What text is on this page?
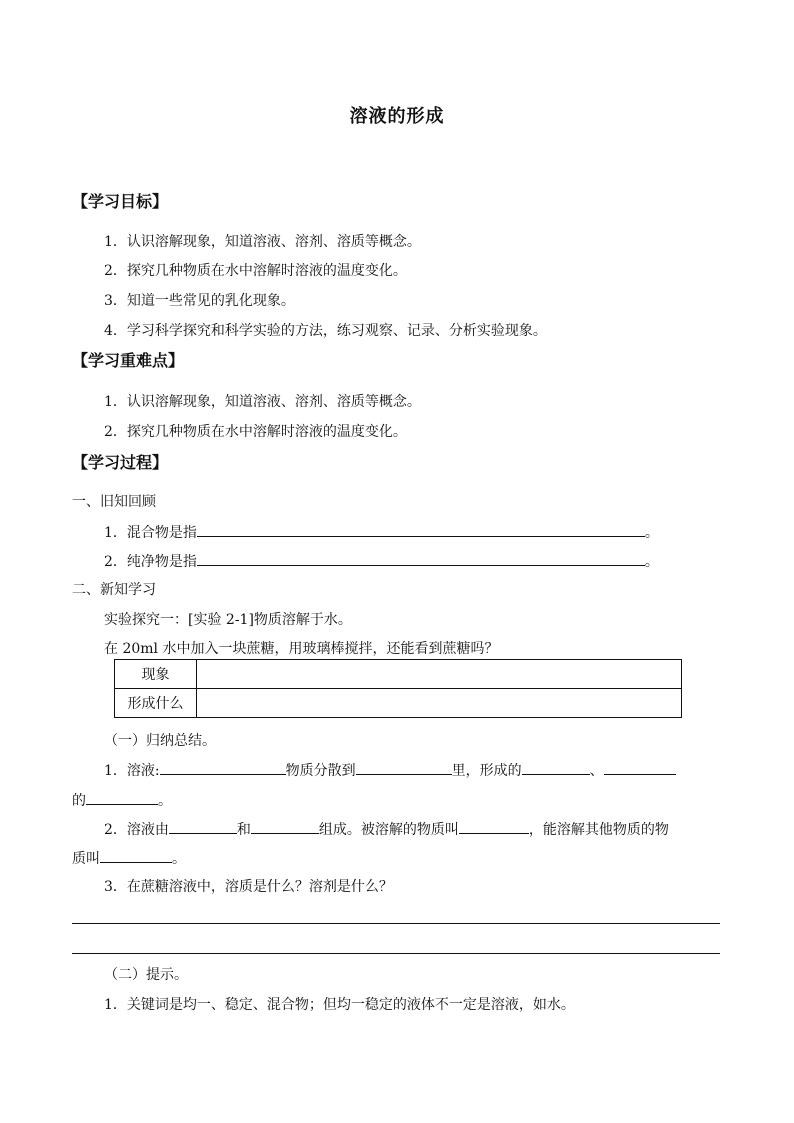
溶液的形成
【学习目标】
1．认识溶解现象，知道溶液、溶剂、溶质等概念。
2．探究几种物质在水中溶解时溶液的温度变化。
3．知道一些常见的乳化现象。
4．学习科学探究和科学实验的方法，练习观察、记录、分析实验现象。
【学习重难点】
1．认识溶解现象，知道溶液、溶剂、溶质等概念。
2．探究几种物质在水中溶解时溶液的温度变化。
【学习过程】
一、旧知回顾
1．混合物是指	。
2．纯净物是指	。
二、新知学习
实验探究一：[实验 2-1]物质溶解于水。
在 20ml 水中加入一块蔗糖，用玻璃棒搅拌，还能看到蔗糖吗？
现象	
形成什么	
（一）归纳总结。
1．溶液:	物质分散到	里，形成的	、
的	。
2．溶液由	和	组成。被溶解的物质叫	，能溶解其他物质的物
质叫	。
3．在蔗糖溶液中，溶质是什么？溶剂是什么？
（二）提示。
1．关键词是均一、稳定、混合物；但均一稳定的液体不一定是溶液，如水。
